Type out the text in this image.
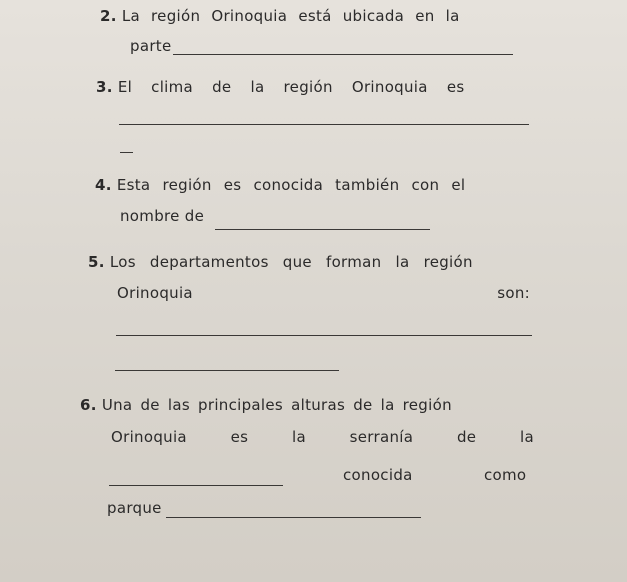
2. La región Orinoquia está ubicada en la
parte
3. El clima de la región Orinoquia es
4. Esta región es conocida también con el
nombre de
5. Los departamentos que forman la región
Orinoquia	son:
6. Una de las principales alturas de la región
Orinoquia	es	la	serranía	de	la
conocida	como
parque
